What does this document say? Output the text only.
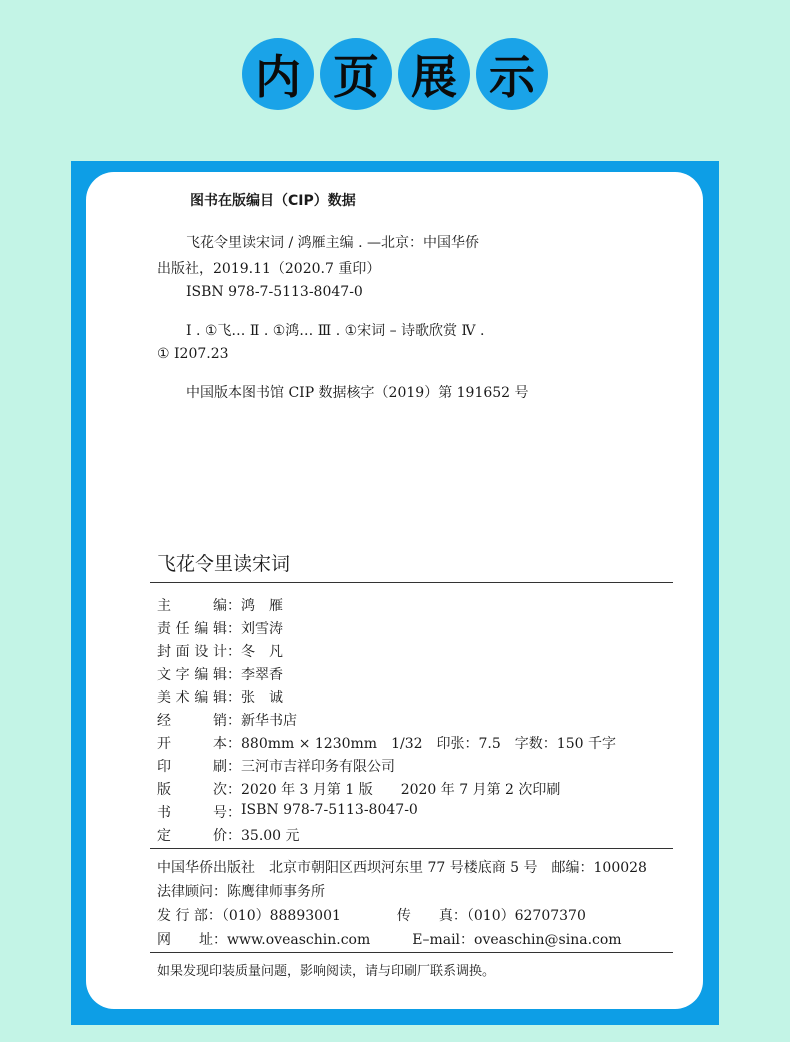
内 页 展 示
图书在版编目（CIP）数据
飞花令里读宋词 / 鸿雁主编 . —北京：中国华侨
出版社，2019.11（2020.7 重印）
ISBN 978-7-5113-8047-0
Ⅰ . ①飞… Ⅱ . ①鸿… Ⅲ . ①宋词 – 诗歌欣赏 Ⅳ .
① I207.23
中国版本图书馆 CIP 数据核字（2019）第 191652 号
飞花令里读宋词
主编 ： 鸿　雁
责任编辑 ： 刘雪涛
封面设计 ： 冬　凡
文字编辑 ： 李翠香
美术编辑 ： 张　诚
经销 ： 新华书店
开本 ： 880mm × 1230mm　1/32　印张：7.5　字数：150 千字
印刷 ： 三河市吉祥印务有限公司
版次 ： 2020 年 3 月第 1 版　　2020 年 7 月第 2 次印刷
书号 ： ISBN 978-7-5113-8047-0
定价 ： 35.00 元
中国华侨出版社　北京市朝阳区西坝河东里 77 号楼底商 5 号　邮编：100028
法律顾问：陈鹰律师事务所
发 行 部：（010）88893001　　　　传　　真：（010）62707370
网　　址：www.oveaschin.com　　　E–mail：oveaschin@sina.com
如果发现印装质量问题，影响阅读，请与印刷厂联系调换。
